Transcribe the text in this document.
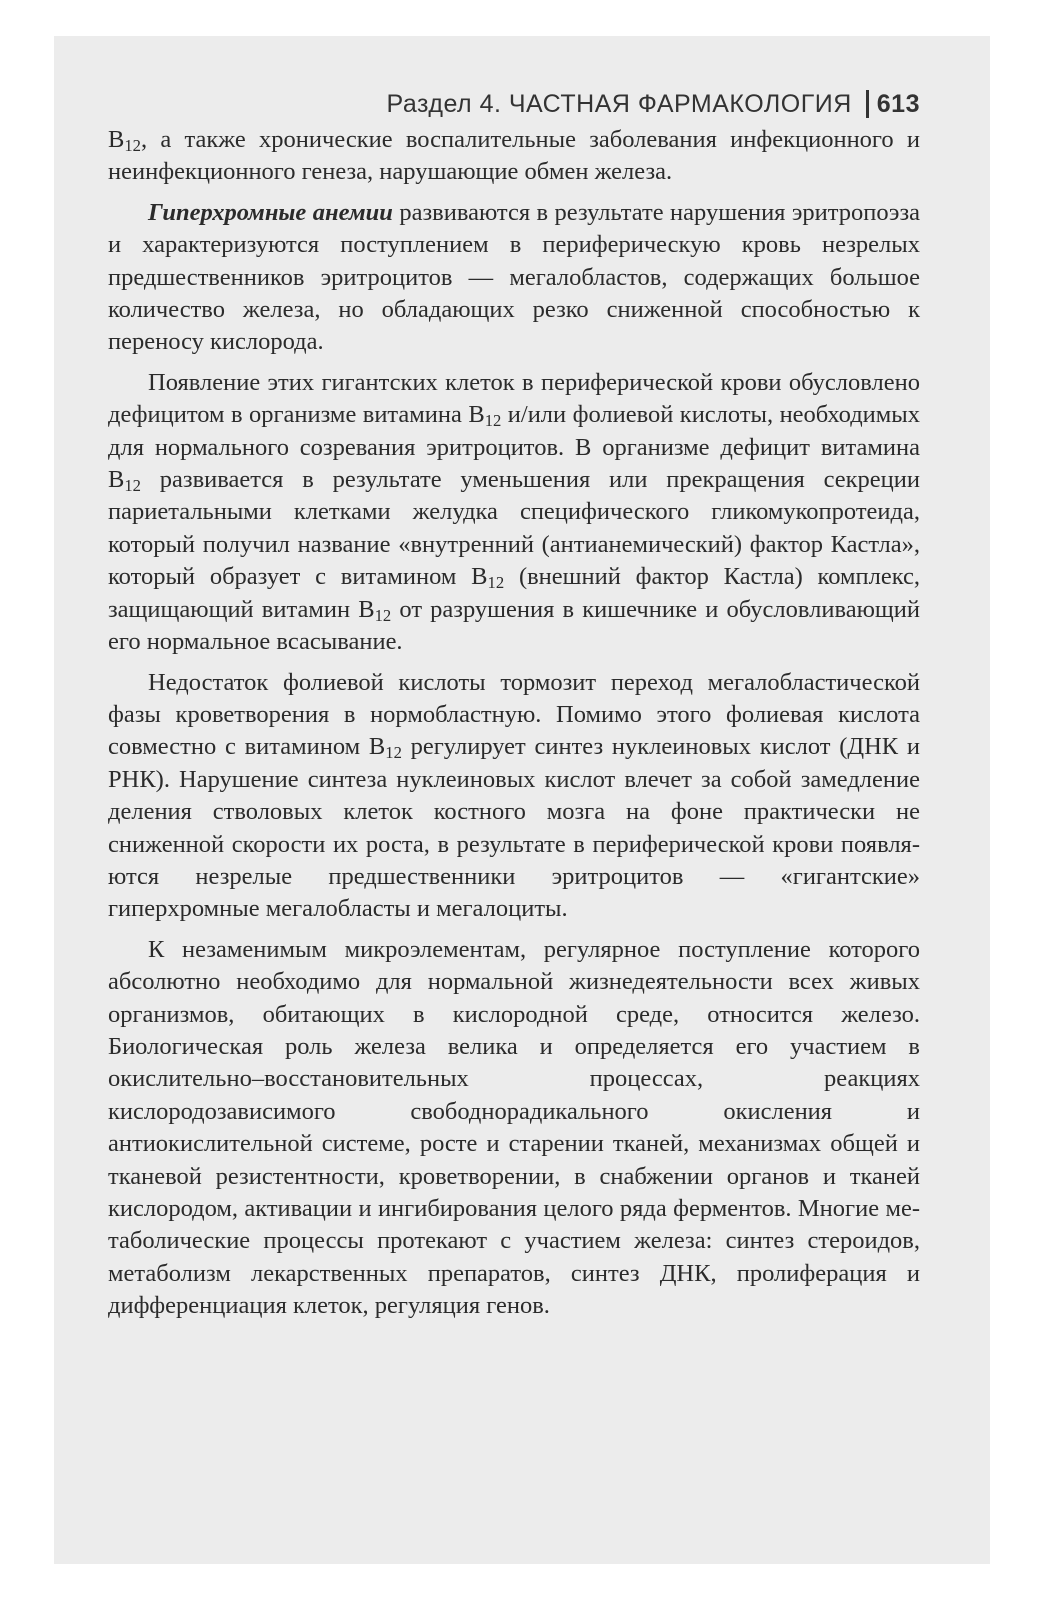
Раздел 4. ЧАСТНАЯ ФАРМАКОЛОГИЯ 613

$B_{12}$, а также хронические воспалительные заболевания инфекционного и неинфекционного генеза, нарушающие обмен железа.

Гиперхромные анемии развиваются в результате нарушения эритропоэза и характеризуются поступлением в периферическую кровь незрелых предшественников эритроцитов — мегалобластов, содержащих большое количество железа, но обладающих резко сниженной способностью к переносу кислорода.

Появление этих гигантских клеток в периферической крови обусловлено дефицитом в организме витамина $B_{12}$ и/или фолиевой кислоты, необходимых для нормального созревания эритроцитов. В организме дефицит витамина $B_{12}$ развивается в результате уменьшения или прекращения секреции париетальными клетками желудка специфического гликомукопротеида, который получил название «внутренний (антианемический) фактор Кастла», который образует с витамином $B_{12}$ (внешний фактор Кастла) комплекс, защищающий витамин $B_{12}$ от разрушения в кишечнике и обусловливающий его нормальное всасывание.

Недостаток фолиевой кислоты тормозит переход мегалобластической фазы кроветворения в нормобластную. Помимо этого фолиевая кислота совместно с витамином $B_{12}$ регулирует синтез нуклеиновых кислот (ДНК и РНК). Нарушение синтеза нуклеиновых кислот влечет за собой замедление деления стволовых клеток костного мозга на фоне практически не сниженной скорости их роста, в результате в периферической крови появляются незрелые предшественники эритроцитов — «гигантские» гиперхромные мегалобласты и мегалоциты.

К незаменимым микроэлементам, регулярное поступление которого абсолютно необходимо для нормальной жизнедеятельности всех живых организмов, обитающих в кислородной среде, относится железо. Биологическая роль железа велика и определяется его участием в окислительно–восстановительных процессах, реакциях кислородозависимого свободнорадикального окисления и антиокислительной системе, росте и старении тканей, механизмах общей и тканевой резистентности, кроветворении, в снабжении органов и тканей кислородом, активации и ингибирования целого ряда ферментов. Многие метаболические процессы протекают с участием железа: синтез стероидов, метаболизм лекарственных препаратов, синтез ДНК, пролиферация и дифференциация клеток, регуляция генов.
